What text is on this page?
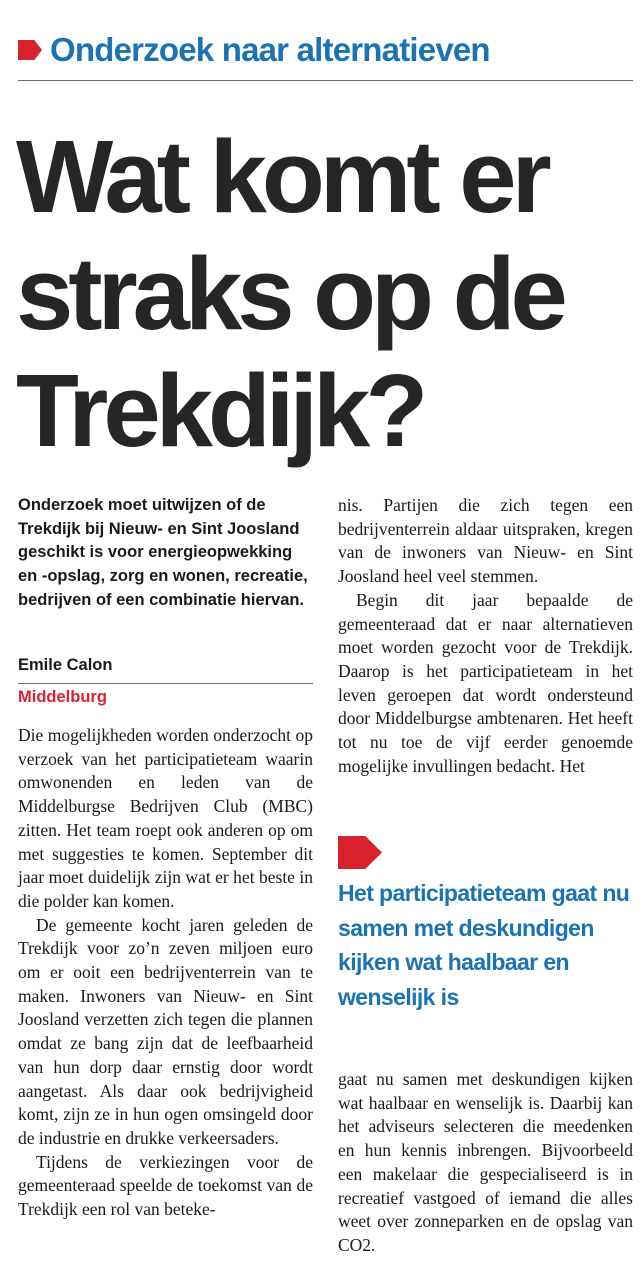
Onderzoek naar alternatieven
Wat komt er
straks op de
Trekdijk?
Onderzoek moet uitwijzen of de Trekdijk bij Nieuw- en Sint Joosland geschikt is voor energieopwekking en -opslag, zorg en wonen, recreatie, bedrijven of een combinatie hiervan.
Emile Calon
Middelburg

Die mogelijkheden worden onderzocht op verzoek van het participatieteam waarin omwonenden en leden van de Middelburgse Bedrijven Club (MBC) zitten. Het team roept ook anderen op om met suggesties te komen. September dit jaar moet duidelijk zijn wat er het beste in die polder kan komen.

De gemeente kocht jaren geleden de Trekdijk voor zo’n zeven miljoen euro om er ooit een bedrijventerrein van te maken. Inwoners van Nieuw- en Sint Joosland verzetten zich tegen die plannen omdat ze bang zijn dat de leefbaarheid van hun dorp daar ernstig door wordt aangetast. Als daar ook bedrijvigheid komt, zijn ze in hun ogen omsingeld door de industrie en drukke verkeersaders.

Tijdens de verkiezingen voor de gemeenteraad speelde de toekomst van de Trekdijk een rol van beteke-

nis. Partijen die zich tegen een bedrijventerrein aldaar uitspraken, kregen van de inwoners van Nieuw- en Sint Joosland heel veel stemmen.

Begin dit jaar bepaalde de gemeenteraad dat er naar alternatieven moet worden gezocht voor de Trekdijk. Daarop is het participatieteam in het leven geroepen dat wordt ondersteund door Middelburgse ambtenaren. Het heeft tot nu toe de vijf eerder genoemde mogelijke invullingen bedacht. Het

Het participatieteam gaat nu samen met deskundigen kijken wat haalbaar en wenselijk is

gaat nu samen met deskundigen kijken wat haalbaar en wenselijk is. Daarbij kan het adviseurs selecteren die meedenken en hun kennis inbrengen. Bijvoorbeeld een makelaar die gespecialiseerd is in recreatief vastgoed of iemand die alles weet over zonneparken en de opslag van CO2.
